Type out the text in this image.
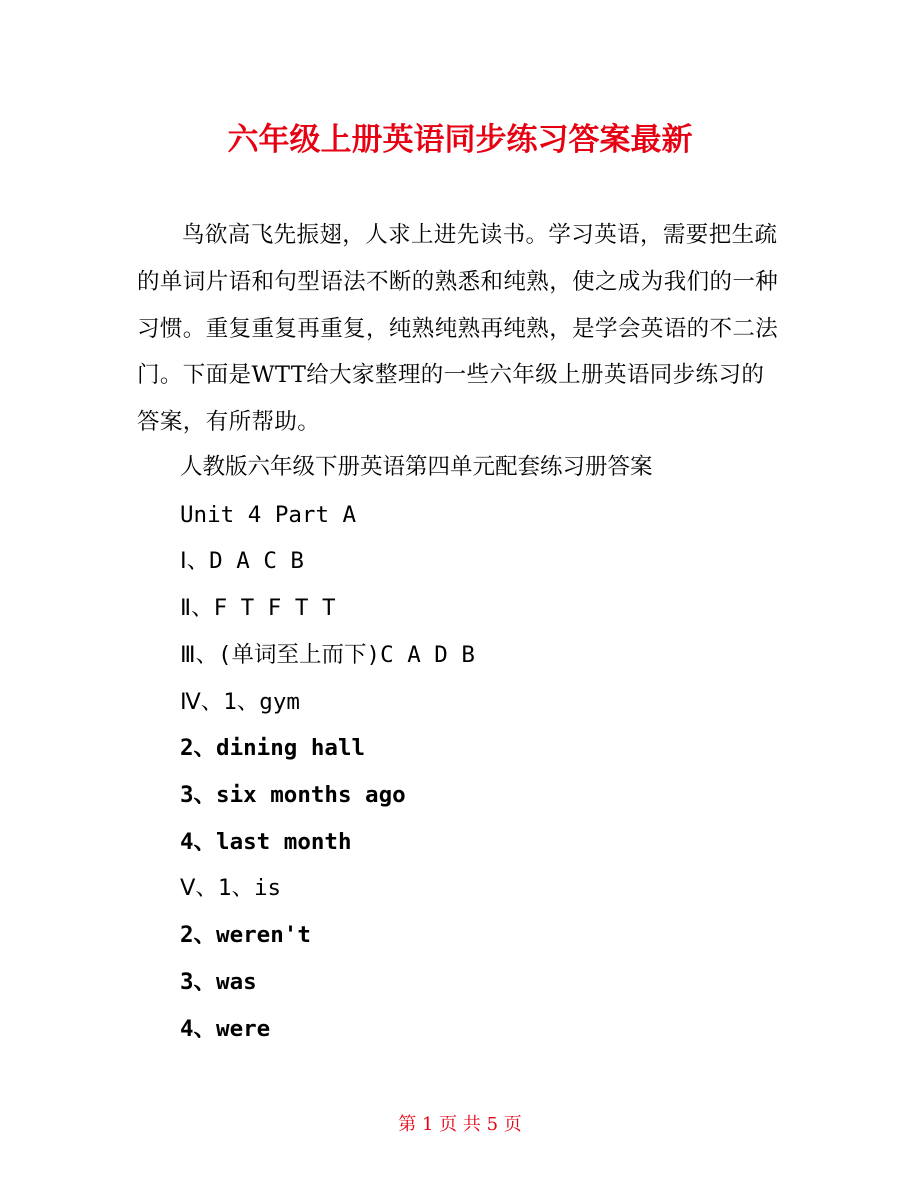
六年级上册英语同步练习答案最新

鸟欲高飞先振翅，人求上进先读书。学习英语，需要把生疏的单词片语和句型语法不断的熟悉和纯熟，使之成为我们的一种习惯。重复重复再重复，纯熟纯熟再纯熟，是学会英语的不二法门。下面是WTT给大家整理的一些六年级上册英语同步练习的答案，有所帮助。

人教版六年级下册英语第四单元配套练习册答案

Unit 4 Part A

Ⅰ、D A C B

Ⅱ、F T F T T

Ⅲ、(单词至上而下)C A D B

Ⅳ、1、gym

2、dining hall

3、six months ago

4、last month

Ⅴ、1、is

2、weren't

3、was

4、were

第 1 页 共 5 页
